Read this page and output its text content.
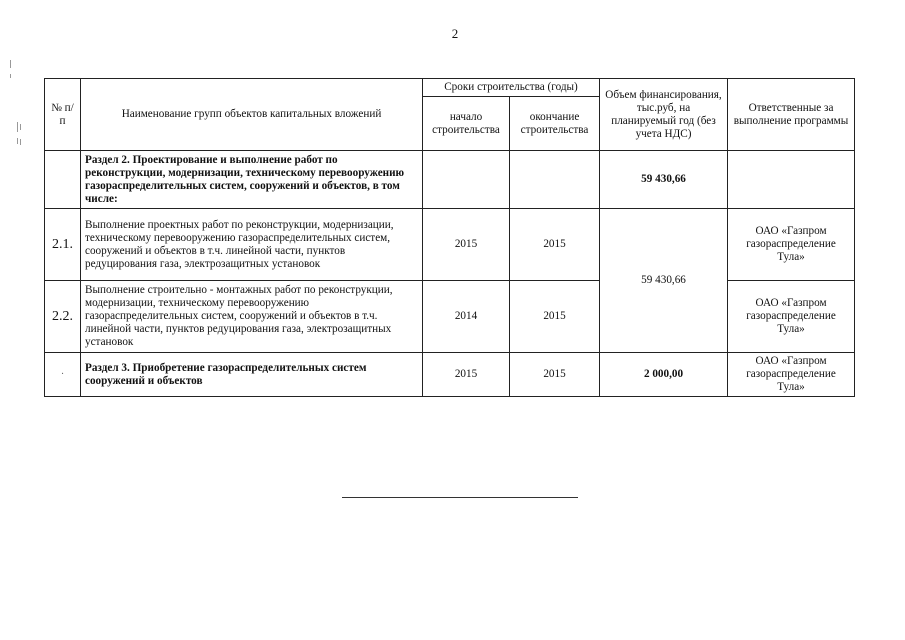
2
№ п/п	Наименование групп объектов капитальных вложений	Сроки строительства (годы)		Объем финансирования, тыс.руб, на планируемый год (без учета НДС)	Ответственные за выполнение программы
		начало строительства	окончание строительства		
	Раздел 2. Проектирование и выполнение работ по реконструкции, модернизации, техническому перевооружению газораспределительных систем, сооружений и объектов, в том числе:			59 430,66	
2.1.	Выполнение проектных работ по реконструкции, модернизации, техническому перевооружению газораспределительных систем, сооружений и объектов в т.ч. линейной части, пунктов редуцирования газа, электрозащитных установок	2015	2015	59 430,66	ОАО «Газпром газораспределение Тула»
2.2.	Выполнение строительно - монтажных работ по реконструкции, модернизации, техническому перевооружению газораспределительных систем, сооружений и объектов в т.ч. линейной части, пунктов редуцирования газа, электрозащитных установок	2014	2015		ОАО «Газпром газораспределение Тула»
·	Раздел 3. Приобретение газораспределительных систем сооружений и объектов	2015	2015	2 000,00	ОАО «Газпром газораспределение Тула»
